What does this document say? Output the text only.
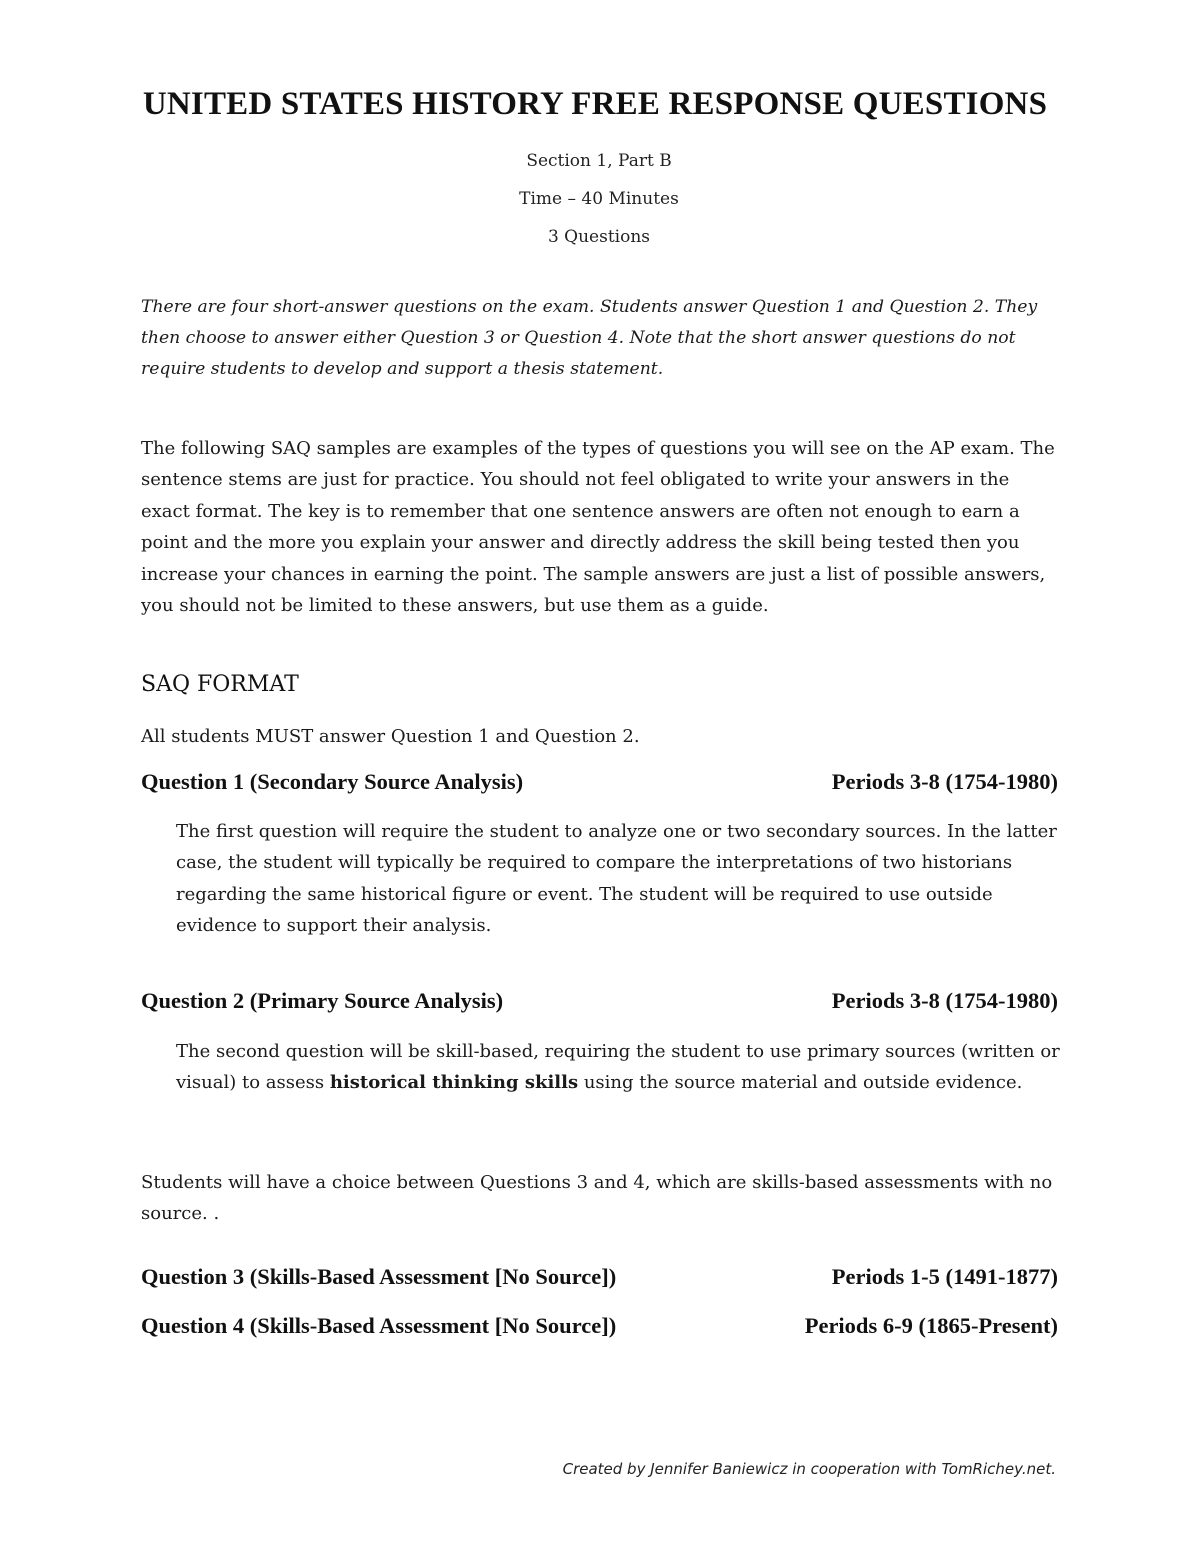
UNITED STATES HISTORY FREE RESPONSE QUESTIONS
Section 1, Part B
Time – 40 Minutes
3 Questions

There are four short-answer questions on the exam. Students answer Question 1 and Question 2. They then choose to answer either Question 3 or Question 4. Note that the short answer questions do not require students to develop and support a thesis statement.

The following SAQ samples are examples of the types of questions you will see on the AP exam. The sentence stems are just for practice. You should not feel obligated to write your answers in the exact format. The key is to remember that one sentence answers are often not enough to earn a point and the more you explain your answer and directly address the skill being tested then you increase your chances in earning the point. The sample answers are just a list of possible answers, you should not be limited to these answers, but use them as a guide.

SAQ FORMAT

All students MUST answer Question 1 and Question 2.

Question 1 (Secondary Source Analysis)	Periods 3-8 (1754-1980)

The first question will require the student to analyze one or two secondary sources. In the latter case, the student will typically be required to compare the interpretations of two historians regarding the same historical figure or event. The student will be required to use outside evidence to support their analysis.

Question 2 (Primary Source Analysis)	Periods 3-8 (1754-1980)

The second question will be skill-based, requiring the student to use primary sources (written or visual) to assess historical thinking skills using the source material and outside evidence.

Students will have a choice between Questions 3 and 4, which are skills-based assessments with no source. .

Question 3 (Skills-Based Assessment [No Source])	Periods 1-5 (1491-1877)
Question 4 (Skills-Based Assessment [No Source])	Periods 6-9 (1865-Present)
Created by Jennifer Baniewicz in cooperation with TomRichey.net.
